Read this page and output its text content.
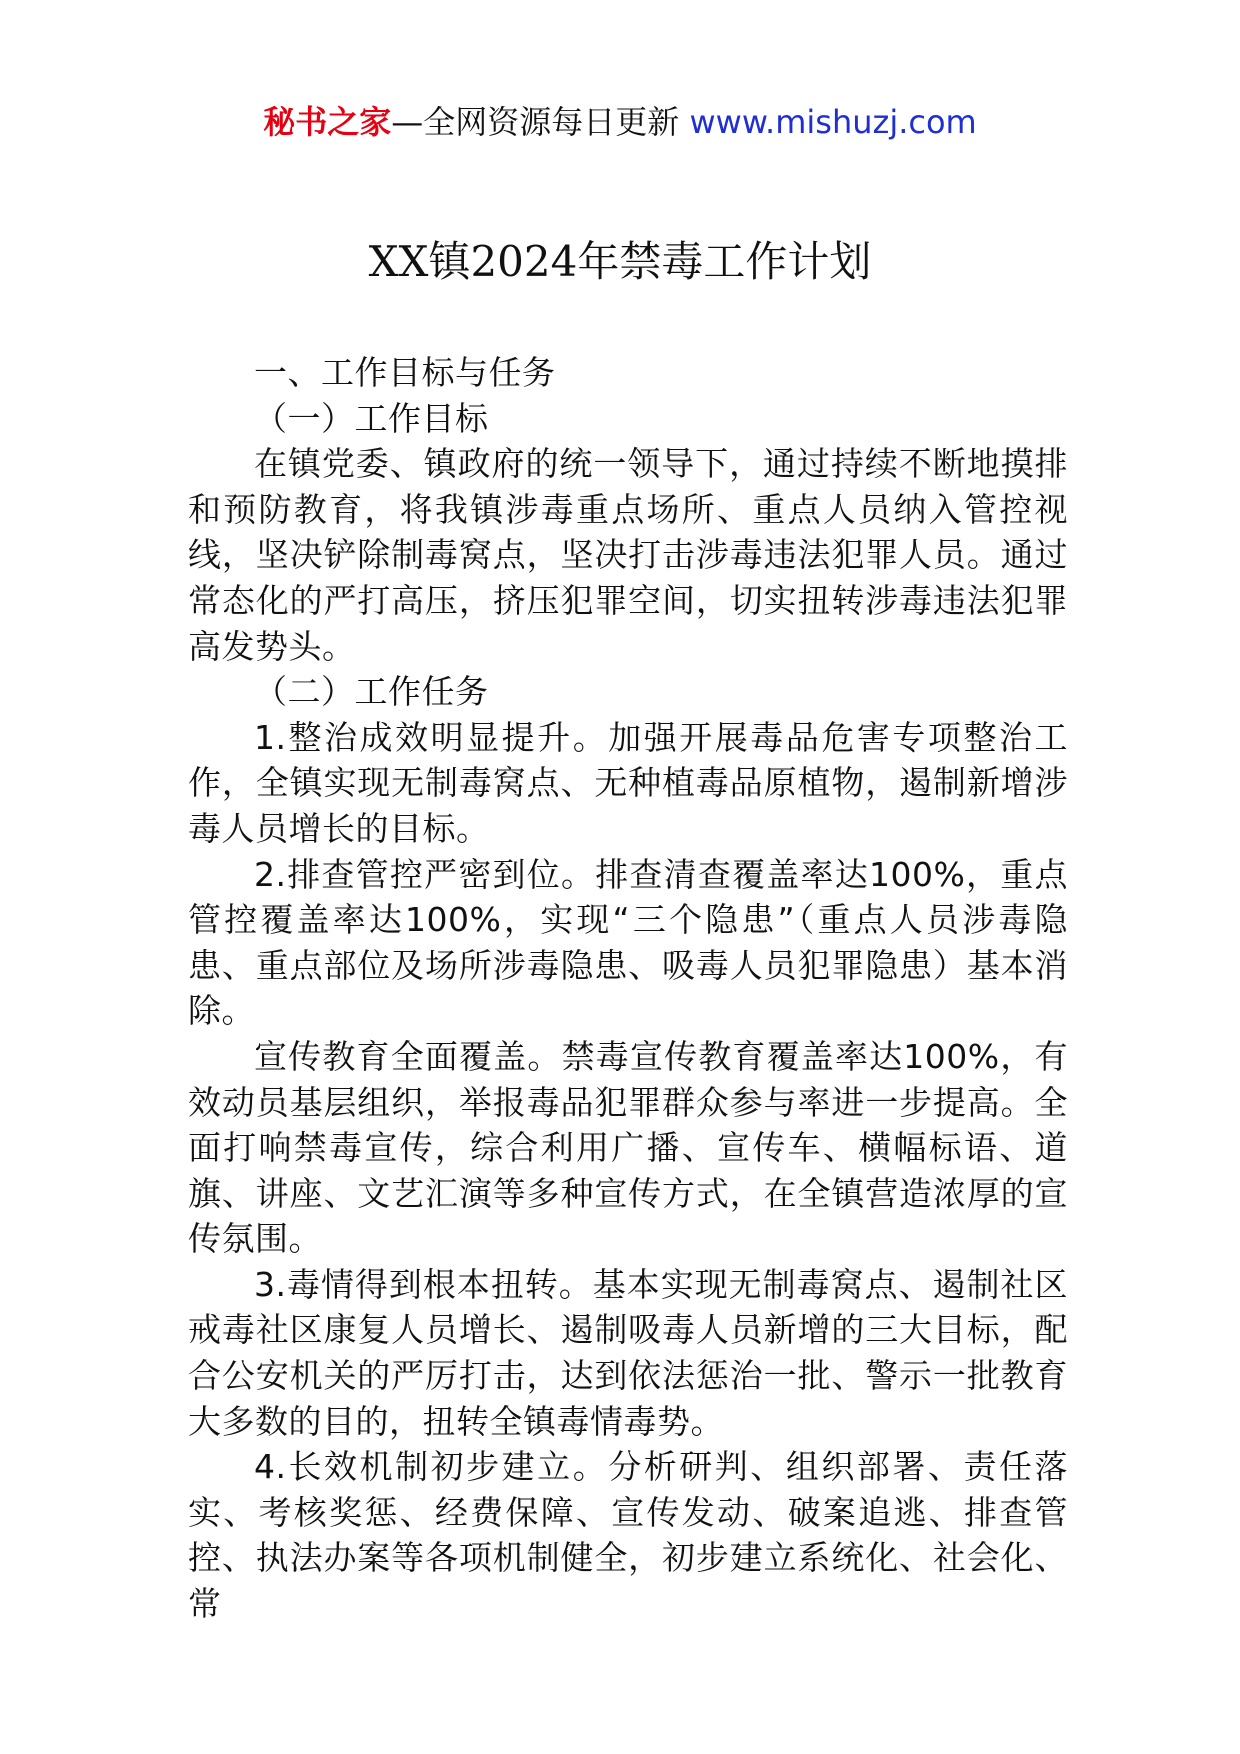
秘书之家—全网资源每日更新 www.mishuzj.com
XX镇2024年禁毒工作计划

一、工作目标与任务

（一）工作目标

在镇党委、镇政府的统一领导下，通过持续不断地摸排和预防教育，将我镇涉毒重点场所、重点人员纳入管控视线，坚决铲除制毒窝点，坚决打击涉毒违法犯罪人员。通过常态化的严打高压，挤压犯罪空间，切实扭转涉毒违法犯罪高发势头。

（二）工作任务

1.整治成效明显提升。加强开展毒品危害专项整治工作，全镇实现无制毒窝点、无种植毒品原植物，遏制新增涉毒人员增长的目标。

2.排查管控严密到位。排查清查覆盖率达100%，重点管控覆盖率达100%，实现“三个隐患”（重点人员涉毒隐患、重点部位及场所涉毒隐患、吸毒人员犯罪隐患）基本消除。

宣传教育全面覆盖。禁毒宣传教育覆盖率达100%，有效动员基层组织，举报毒品犯罪群众参与率进一步提高。全面打响禁毒宣传，综合利用广播、宣传车、横幅标语、道旗、讲座、文艺汇演等多种宣传方式，在全镇营造浓厚的宣传氛围。

3.毒情得到根本扭转。基本实现无制毒窝点、遏制社区戒毒社区康复人员增长、遏制吸毒人员新增的三大目标，配合公安机关的严厉打击，达到依法惩治一批、警示一批教育大多数的目的，扭转全镇毒情毒势。

4.长效机制初步建立。分析研判、组织部署、责任落实、考核奖惩、经费保障、宣传发动、破案追逃、排查管控、执法办案等各项机制健全，初步建立系统化、社会化、常
